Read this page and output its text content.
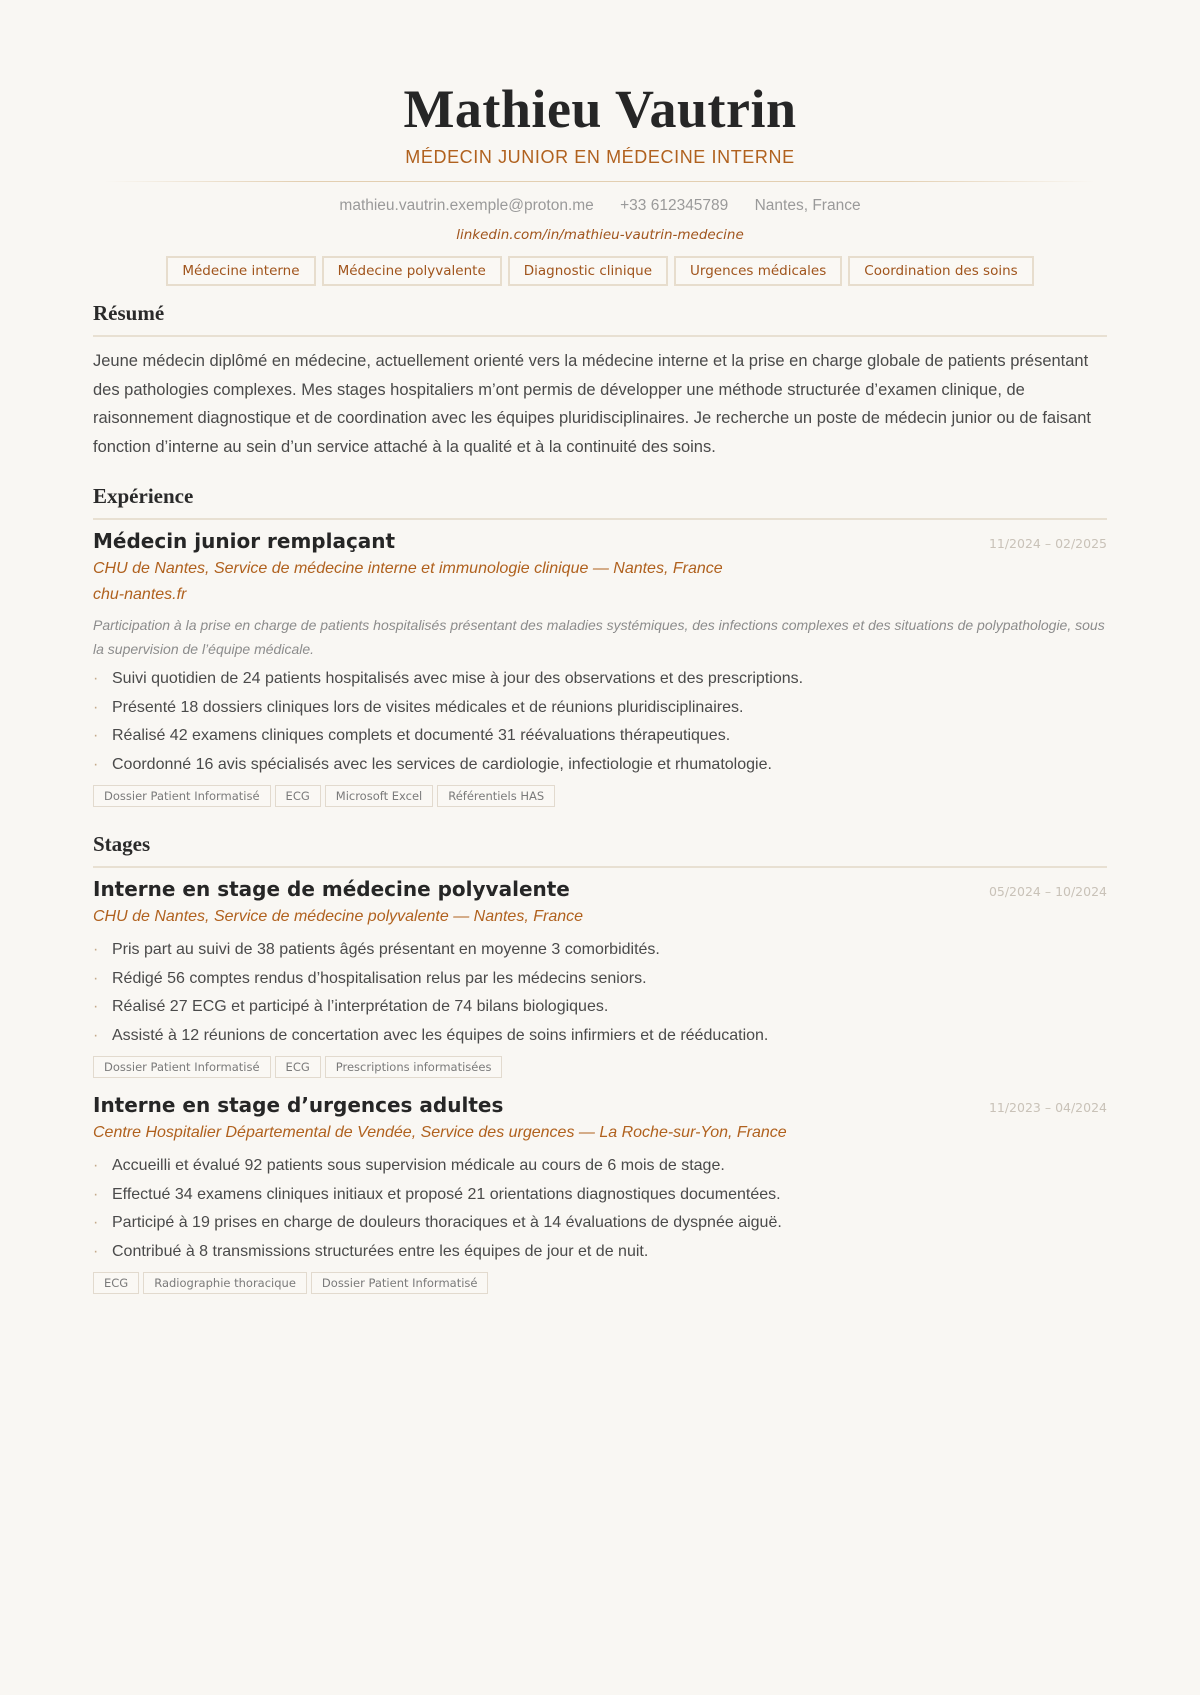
Mathieu Vautrin
MÉDECIN JUNIOR EN MÉDECINE INTERNE
mathieu.vautrin.exemple@proton.me +33 612345789 Nantes, France
linkedin.com/in/mathieu-vautrin-medecine
Médecine interne	Médecine polyvalente	Diagnostic clinique	Urgences médicales	Coordination des soins
Résumé
Jeune médecin diplômé en médecine, actuellement orienté vers la médecine interne et la prise en charge globale de patients présentant des pathologies complexes. Mes stages hospitaliers m’ont permis de développer une méthode structurée d’examen clinique, de raisonnement diagnostique et de coordination avec les équipes pluridisciplinaires. Je recherche un poste de médecin junior ou de faisant fonction d’interne au sein d’un service attaché à la qualité et à la continuité des soins.
Expérience
Médecin junior remplaçant	11/2024 – 02/2025
CHU de Nantes, Service de médecine interne et immunologie clinique — Nantes, France
chu-nantes.fr
Participation à la prise en charge de patients hospitalisés présentant des maladies systémiques, des infections complexes et des situations de polypathologie, sous la supervision de l’équipe médicale.
· Suivi quotidien de 24 patients hospitalisés avec mise à jour des observations et des prescriptions.
· Présenté 18 dossiers cliniques lors de visites médicales et de réunions pluridisciplinaires.
· Réalisé 42 examens cliniques complets et documenté 31 réévaluations thérapeutiques.
· Coordonné 16 avis spécialisés avec les services de cardiologie, infectiologie et rhumatologie.
Dossier Patient Informatisé	ECG	Microsoft Excel	Référentiels HAS
Stages
Interne en stage de médecine polyvalente	05/2024 – 10/2024
CHU de Nantes, Service de médecine polyvalente — Nantes, France
· Pris part au suivi de 38 patients âgés présentant en moyenne 3 comorbidités.
· Rédigé 56 comptes rendus d’hospitalisation relus par les médecins seniors.
· Réalisé 27 ECG et participé à l’interprétation de 74 bilans biologiques.
· Assisté à 12 réunions de concertation avec les équipes de soins infirmiers et de rééducation.
Dossier Patient Informatisé	ECG	Prescriptions informatisées
Interne en stage d’urgences adultes	11/2023 – 04/2024
Centre Hospitalier Départemental de Vendée, Service des urgences — La Roche-sur-Yon, France
· Accueilli et évalué 92 patients sous supervision médicale au cours de 6 mois de stage.
· Effectué 34 examens cliniques initiaux et proposé 21 orientations diagnostiques documentées.
· Participé à 19 prises en charge de douleurs thoraciques et à 14 évaluations de dyspnée aiguë.
· Contribué à 8 transmissions structurées entre les équipes de jour et de nuit.
ECG	Radiographie thoracique	Dossier Patient Informatisé
